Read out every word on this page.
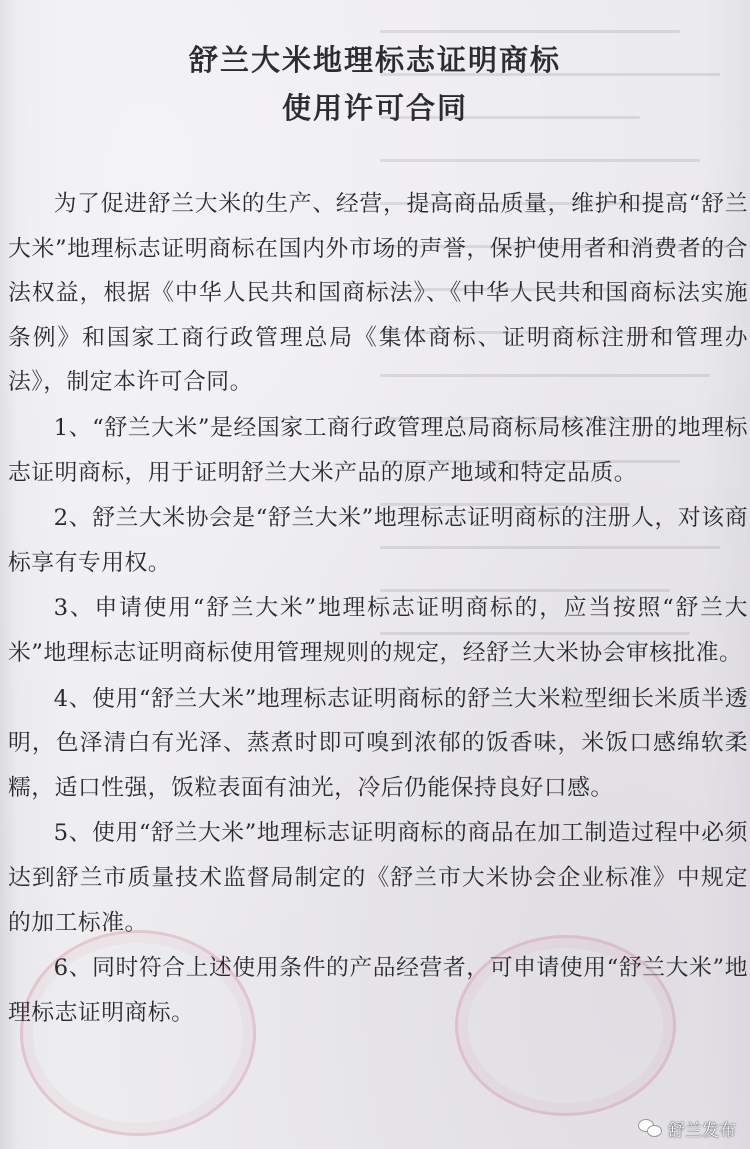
舒兰大米地理标志证明商标
使用许可合同

为了促进舒兰大米的生产、经营，提高商品质量，维护和提高“舒兰大米”地理标志证明商标在国内外市场的声誉，保护使用者和消费者的合法权益，根据《中华人民共和国商标法》、《中华人民共和国商标法实施条例》和国家工商行政管理总局《集体商标、证明商标注册和管理办法》，制定本许可合同。

1、“舒兰大米”是经国家工商行政管理总局商标局核准注册的地理标志证明商标，用于证明舒兰大米产品的原产地域和特定品质。

2、舒兰大米协会是“舒兰大米”地理标志证明商标的注册人，对该商标享有专用权。

3、申请使用“舒兰大米”地理标志证明商标的，应当按照“舒兰大米”地理标志证明商标使用管理规则的规定，经舒兰大米协会审核批准。

4、使用“舒兰大米”地理标志证明商标的舒兰大米粒型细长米质半透明，色泽清白有光泽、蒸煮时即可嗅到浓郁的饭香味，米饭口感绵软柔糯，适口性强，饭粒表面有油光，冷后仍能保持良好口感。

5、使用“舒兰大米”地理标志证明商标的商品在加工制造过程中必须达到舒兰市质量技术监督局制定的《舒兰市大米协会企业标准》中规定的加工标准。

6、同时符合上述使用条件的产品经营者，可申请使用“舒兰大米”地理标志证明商标。

舒兰发布
